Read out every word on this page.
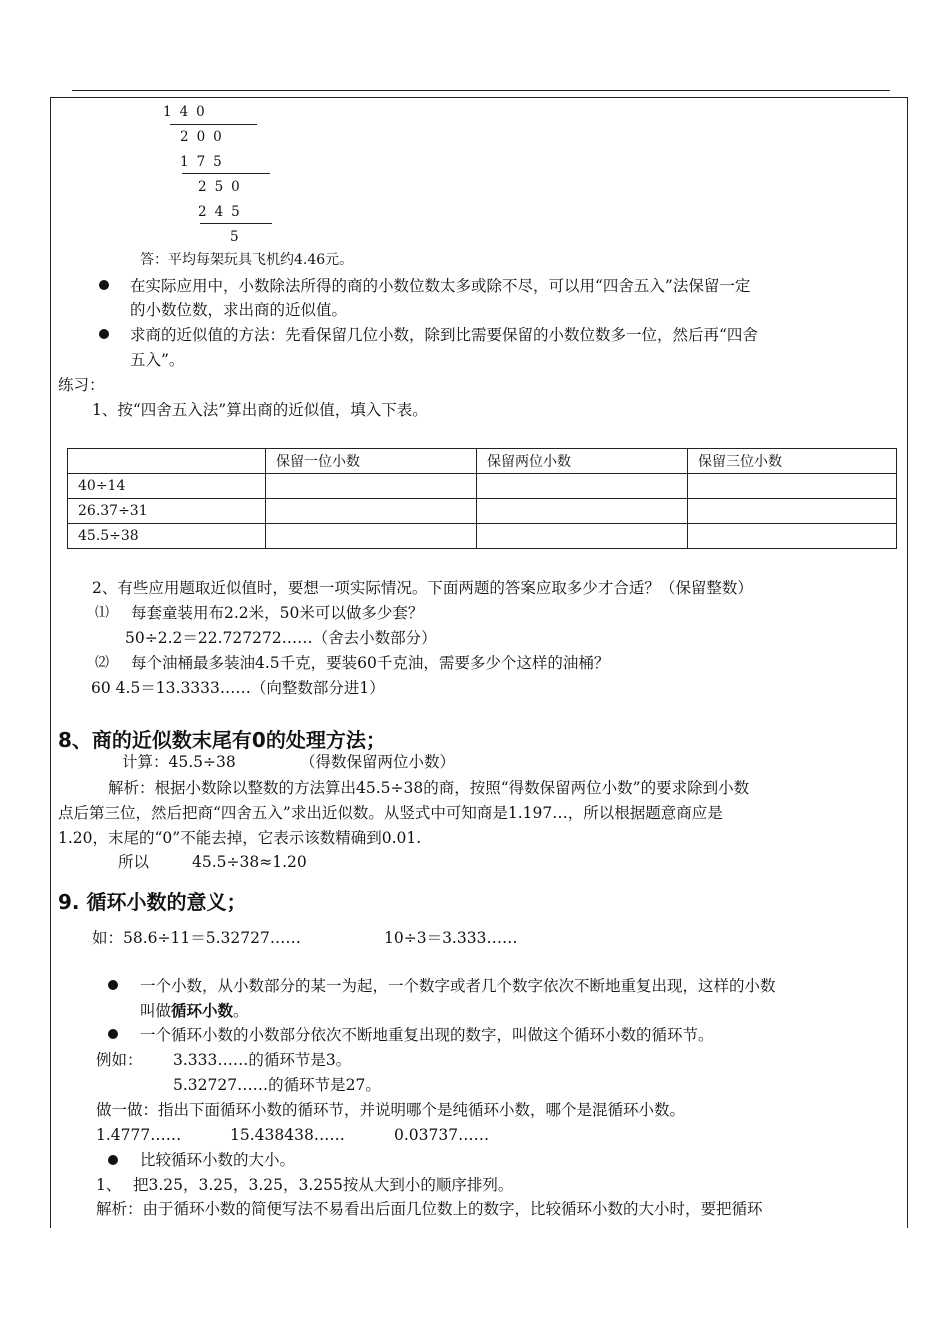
140
200
175
250
245
5
答：平均每架玩具飞机约4.46元。
在实际应用中，小数除法所得的商的小数位数太多或除不尽，可以用“四舍五入”法保留一定
的小数位数，求出商的近似值。
求商的近似值的方法：先看保留几位小数，除到比需要保留的小数位数多一位，然后再“四舍
五入”。
练习：
1、按“四舍五入法”算出商的近似值，填入下表。
	保留一位小数	保留两位小数	保留三位小数
40÷14			
26.37÷31			
45.5÷38			
2、有些应用题取近似值时，要想一项实际情况。下面两题的答案应取多少才合适？（保留整数）
⑴ 每套童装用布2.2米，50米可以做多少套？
50÷2.2＝22.727272……（舍去小数部分）
⑵ 每个油桶最多装油4.5千克，要装60千克油，需要多少个这样的油桶？
60 4.5＝13.3333……（向整数部分进1）
8、商的近似数末尾有0的处理方法；
计算：45.5÷38	（得数保留两位小数）
解析：根据小数除以整数的方法算出45.5÷38的商，按照“得数保留两位小数”的要求除到小数
点后第三位，然后把商“四舍五入”求出近似数。从竖式中可知商是1.197…，所以根据题意商应是
1.20，末尾的“0”不能去掉，它表示该数精确到0.01.
所以	45.5÷38≈1.20
9. 循环小数的意义；
如：58.6÷11＝5.32727……	10÷3＝3.333……
一个小数，从小数部分的某一为起，一个数字或者几个数字依次不断地重复出现，这样的小数
叫做循环小数。
一个循环小数的小数部分依次不断地重复出现的数字，叫做这个循环小数的循环节。
例如： 3.333……的循环节是3。
5.32727……的循环节是27。
做一做：指出下面循环小数的循环节，并说明哪个是纯循环小数，哪个是混循环小数。
1.4777……	15.438438……	0.03737……
比较循环小数的大小。
1、 把3.25，3.25，3.25，3.255按从大到小的顺序排列。
解析：由于循环小数的简便写法不易看出后面几位数上的数字，比较循环小数的大小时，要把循环
